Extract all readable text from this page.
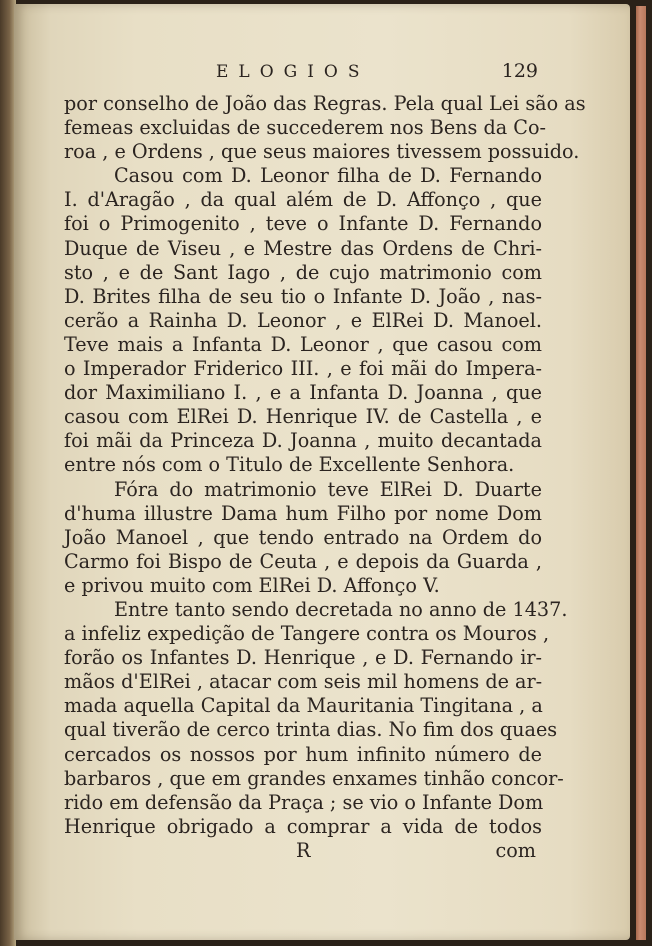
ELOGIOS	129
por conselho de João das Regras. Pela qual Lei são as
femeas excluidas de succederem nos Bens da Co-
roa , e Ordens , que seus maiores tivessem possuido.
Casou com D. Leonor filha de D. Fernando
I. d'Aragão , da qual além de D. Affonço , que
foi o Primogenito , teve o Infante D. Fernando
Duque de Viseu , e Mestre das Ordens de Chri-
sto , e de Sant Iago , de cujo matrimonio com
D. Brites filha de seu tio o Infante D. João , nas-
cerão a Rainha D. Leonor , e ElRei D. Manoel.
Teve mais a Infanta D. Leonor , que casou com
o Imperador Friderico III. , e foi mãi do Impera-
dor Maximiliano I. , e a Infanta D. Joanna , que
casou com ElRei D. Henrique IV. de Castella , e
foi mãi da Princeza D. Joanna , muito decantada
entre nós com o Titulo de Excellente Senhora.
Fóra do matrimonio teve ElRei D. Duarte
d'huma illustre Dama hum Filho por nome Dom
João Manoel , que tendo entrado na Ordem do
Carmo foi Bispo de Ceuta , e depois da Guarda ,
e privou muito com ElRei D. Affonço V.
Entre tanto sendo decretada no anno de 1437.
a infeliz expedição de Tangere contra os Mouros ,
forão os Infantes D. Henrique , e D. Fernando ir-
mãos d'ElRei , atacar com seis mil homens de ar-
mada aquella Capital da Mauritania Tingitana , a
qual tiverão de cerco trinta dias. No fim dos quaes
cercados os nossos por hum infinito número de
barbaros , que em grandes enxames tinhão concor-
rido em defensão da Praça ; se vio o Infante Dom
Henrique obrigado a comprar a vida de todos
R	com
